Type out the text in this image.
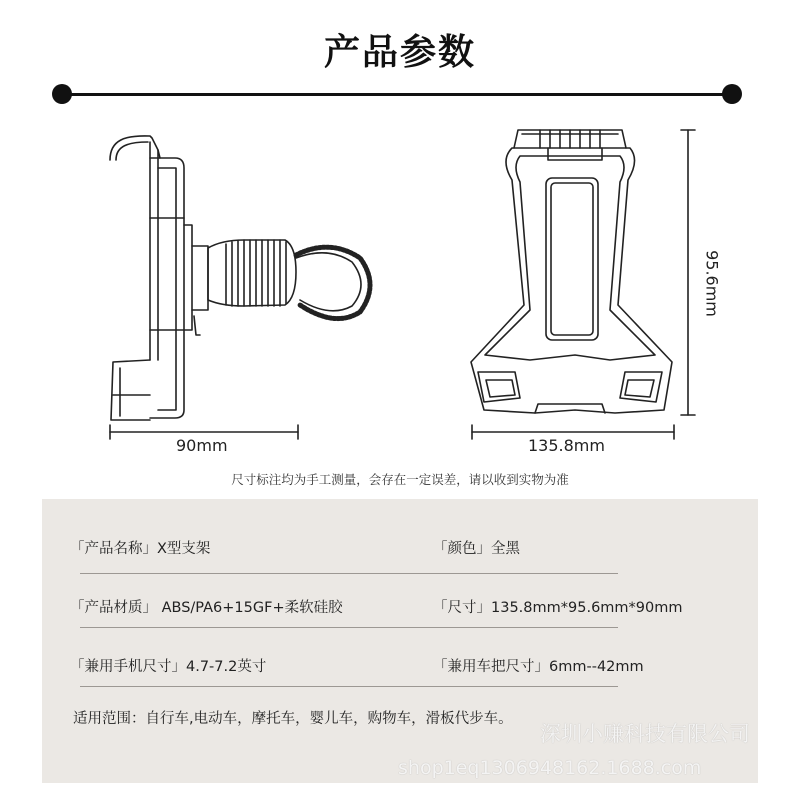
产品参数
90mm	135.8mm
95.6mm
尺寸标注均为手工测量，会存在一定误差，请以收到实物为准
「产品名称」X型支架	「颜色」全黑
「产品材质」 ABS/PA6+15GF+柔软硅胶	「尺寸」135.8mm*95.6mm*90mm
「兼用手机尺寸」4.7-7.2英寸	「兼用车把尺寸」6mm--42mm
适用范围：自行车,电动车，摩托车，婴儿车，购物车，滑板代步车。
深圳小赚科技有限公司
shop1eq1306948162.1688.com
